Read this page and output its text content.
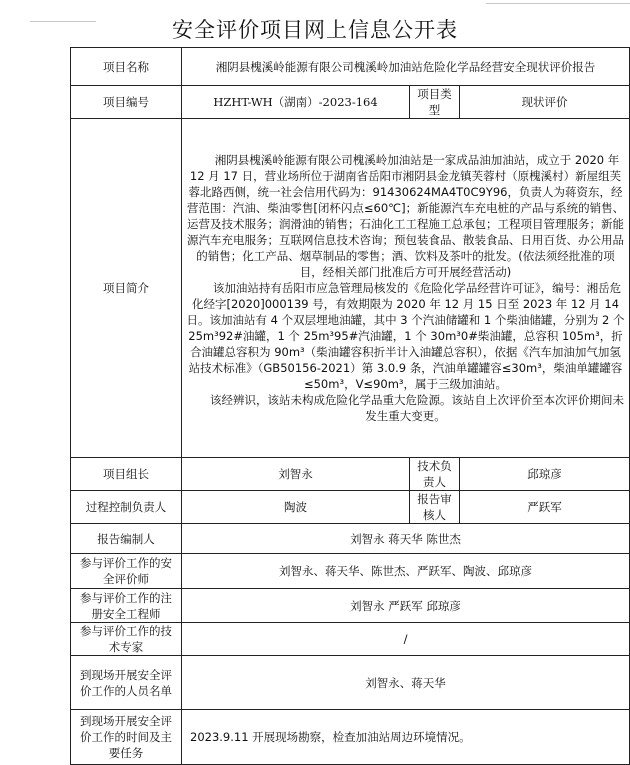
安全评价项目网上信息公开表
项目名称	湘阴县槐溪岭能源有限公司槐溪岭加油站危险化学品经营安全现状评价报告		
项目编号	HZHT-WH（湖南）-2023-164	项目类型	现状评价
项目简介	湘阴县槐溪岭能源有限公司槐溪岭加油站是一家成品油加油站，成立于 2020 年 12 月 17 日，营业场所位于湖南省岳阳市湘阴县金龙镇芙蓉村（原槐溪村）新屋组芙蓉北路西侧，统一社会信用代码为：91430624MA4T0C9Y96，负责人为蒋资东，经营范围：汽油、柴油零售[闭杯闪点≤60℃]；新能源汽车充电桩的产品与系统的销售、运营及技术服务；润滑油的销售；石油化工工程施工总承包；工程项目管理服务；新能源汽车充电服务；互联网信息技术咨询；预包装食品、散装食品、日用百货、办公用品的销售；化工产品、烟草制品的零售；酒、饮料及茶叶的批发。(依法须经批准的项目，经相关部门批准后方可开展经营活动)

该加油站持有岳阳市应急管理局核发的《危险化学品经营许可证》，编号：湘岳危化经字[2020]000139 号，有效期限为 2020 年 12 月 15 日至 2023 年 12 月 14 日。该加油站有 4 个双层埋地油罐，其中 3 个汽油储罐和 1 个柴油储罐，分别为 2 个 25m³92#油罐，1 个 25m³95#汽油罐，1 个 30m³0#柴油罐，总容积 105m³，折合油罐总容积为 90m³（柴油罐容积折半计入油罐总容积），依据《汽车加油加气加氢站技术标准》（GB50156-2021）第 3.0.9 条，汽油单罐罐容≤30m³，柴油单罐罐容≤50m³，V≤90m³，属于三级加油站。

该经辨识，该站未构成危险化学品重大危险源。该站自上次评价至本次评价期间未发生重大变更。		

项目组长	刘智永	技术负责人	邱琼彦
过程控制负责人	陶波	报告审核人	严跃军
报告编制人	刘智永 蒋天华 陈世杰		
参与评价工作的安全评价师	刘智永、蒋天华、陈世杰、严跃军、陶波、邱琼彦		
参与评价工作的注册安全工程师	刘智永 严跃军 邱琼彦		
参与评价工作的技术专家	/		
到现场开展安全评价工作的人员名单	刘智永、蒋天华		
到现场开展安全评价工作的时间及主要任务	2023.9.11 开展现场勘察，检查加油站周边环境情况。		
